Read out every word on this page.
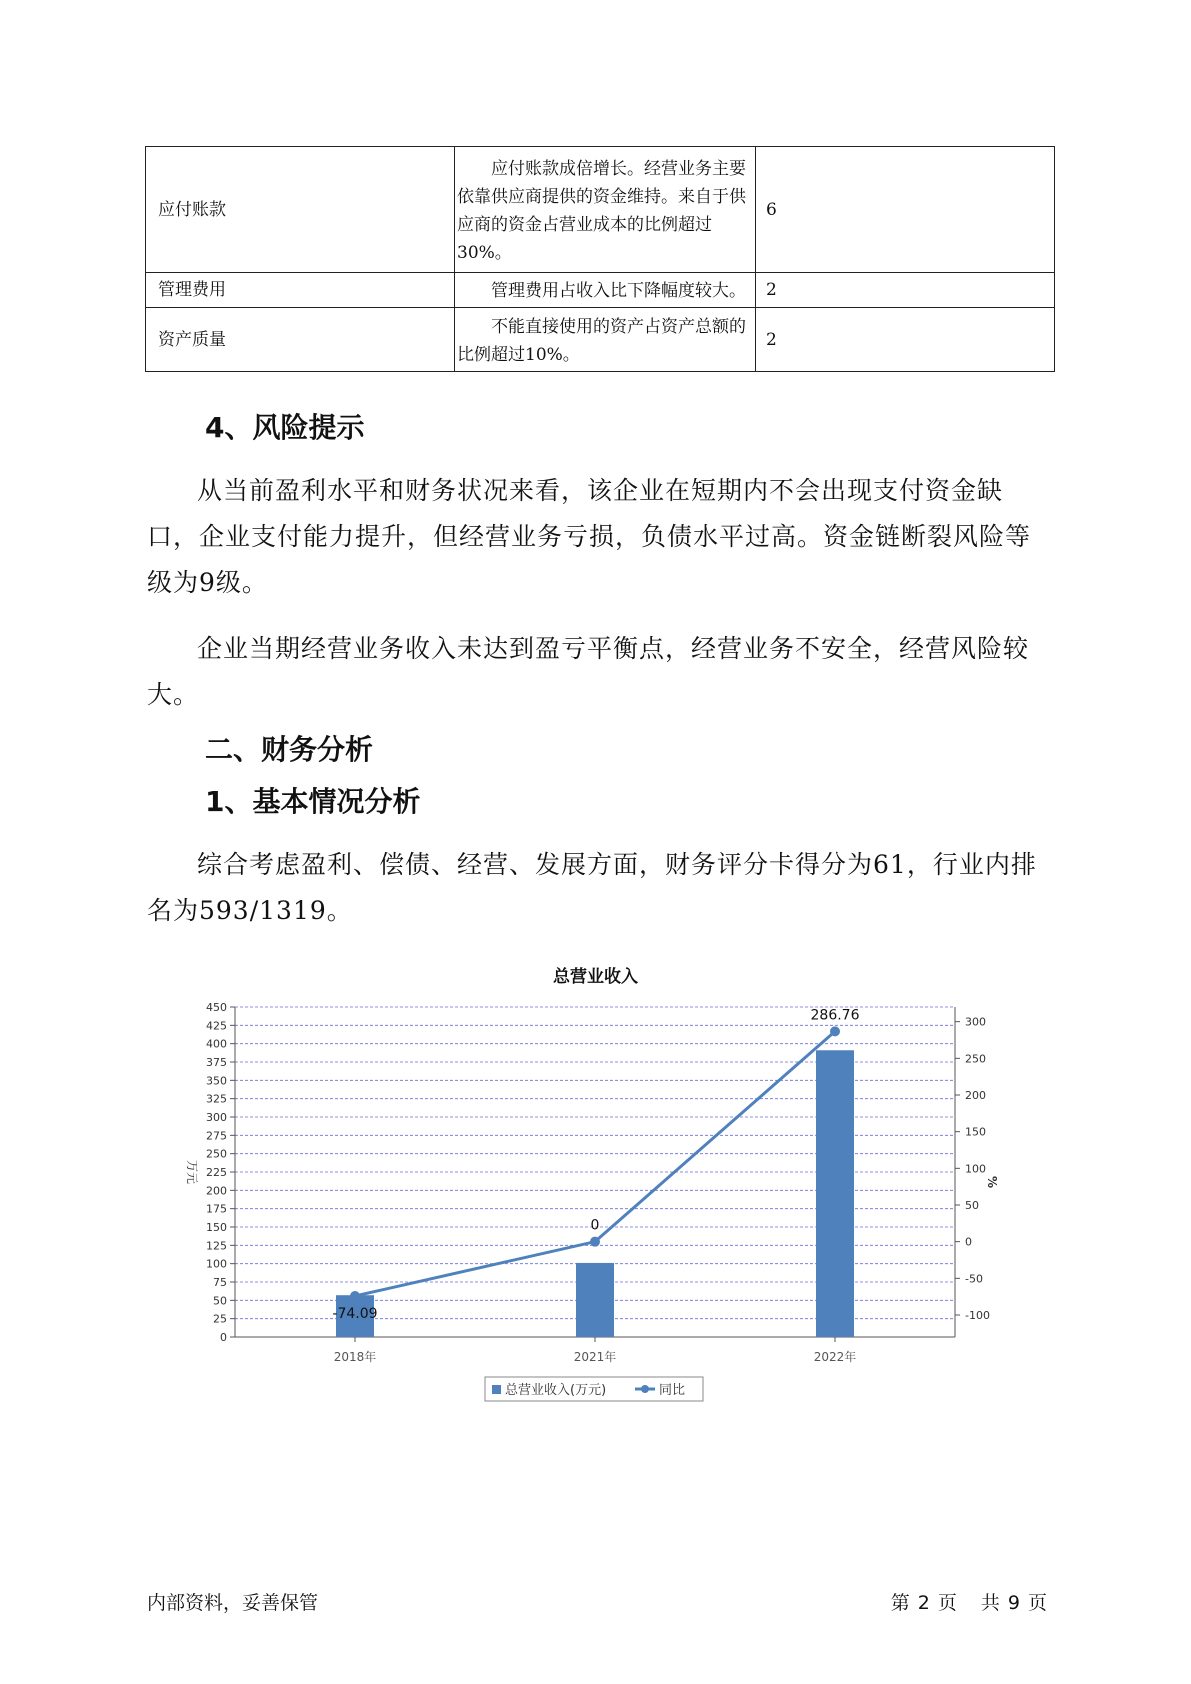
应付账款	应付账款成倍增长。经营业务主要依靠供应商提供的资金维持。来自于供应商的资金占营业成本的比例超过30%。	6
管理费用	管理费用占收入比下降幅度较大。	2
资产质量	不能直接使用的资产占资产总额的比例超过10%。	2
4、风险提示

从当前盈利水平和财务状况来看，该企业在短期内不会出现支付资金缺口，企业支付能力提升，但经营业务亏损，负债水平过高。资金链断裂风险等级为9级。

企业当期经营业务收入未达到盈亏平衡点，经营业务不安全，经营风险较大。

二、财务分析
1、基本情况分析

综合考虑盈利、偿债、经营、发展方面，财务评分卡得分为61，行业内排名为593/1319。

总营业收入
0
25
50
75
100
125
150
175
200
225
250
275
300
325
350
375
400
425
450
-100
-50
0
50
100
150
200
250
300
万元	%
2018年	2021年	2022年
-74.09
0
286.76
总营业收入(万元)	同比
内部资料，妥善保管	第 2 页 共 9 页
